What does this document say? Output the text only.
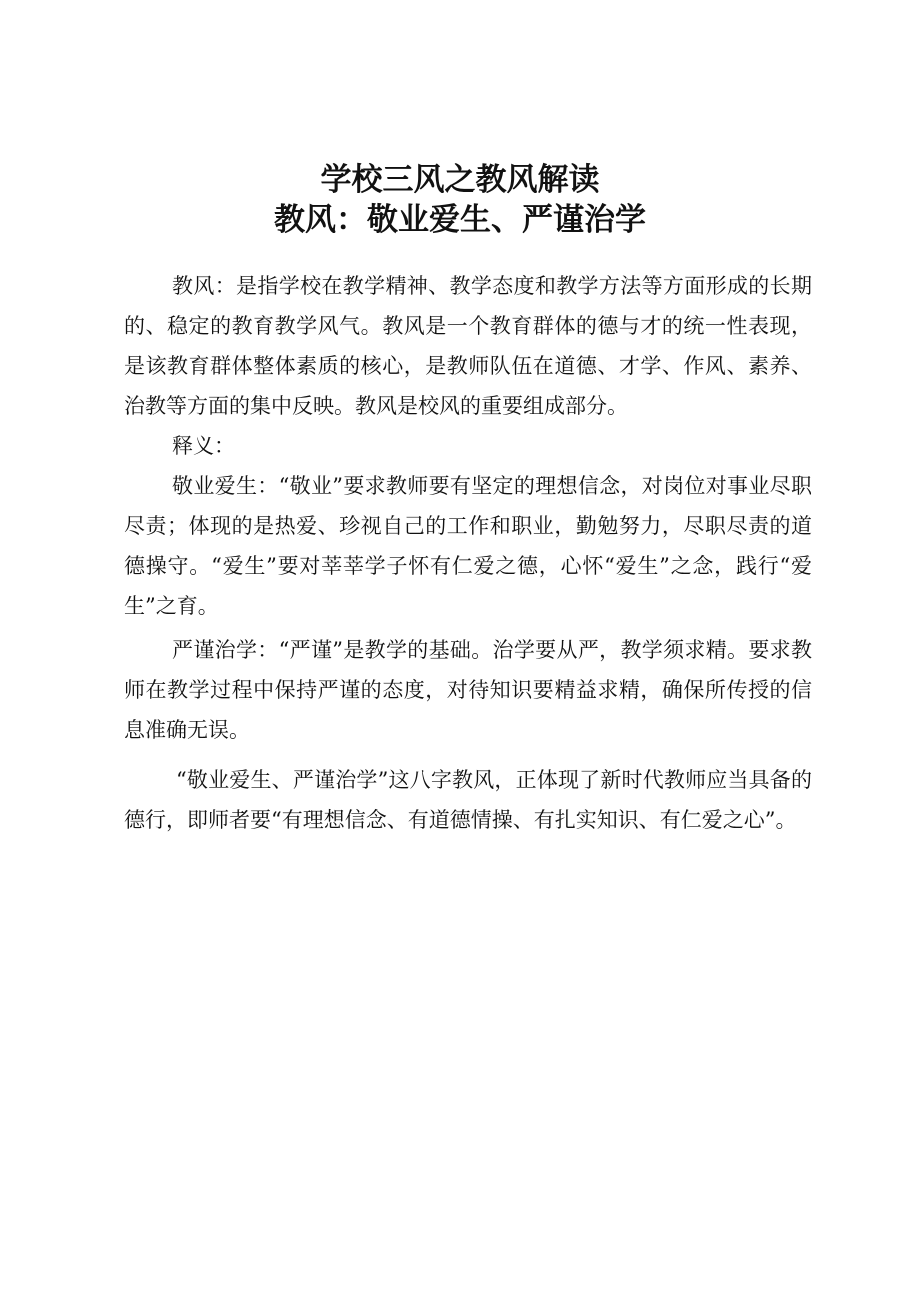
学校三风之教风解读
教风：敬业爱生、严谨治学

教风：是指学校在教学精神、教学态度和教学方法等方面形成的长期的、稳定的教育教学风气。教风是一个教育群体的德与才的统一性表现，是该教育群体整体素质的核心，是教师队伍在道德、才学、作风、素养、治教等方面的集中反映。教风是校风的重要组成部分。

释义：

敬业爱生：“敬业”要求教师要有坚定的理想信念，对岗位对事业尽职尽责；体现的是热爱、珍视自己的工作和职业，勤勉努力，尽职尽责的道德操守。“爱生”要对莘莘学子怀有仁爱之德，心怀“爱生”之念，践行“爱生”之育。

严谨治学：“严谨”是教学的基础。治学要从严，教学须求精。要求教师在教学过程中保持严谨的态度，对待知识要精益求精，确保所传授的信息准确无误。

“敬业爱生、严谨治学”这八字教风，正体现了新时代教师应当具备的德行，即师者要“有理想信念、有道德情操、有扎实知识、有仁爱之心”。
